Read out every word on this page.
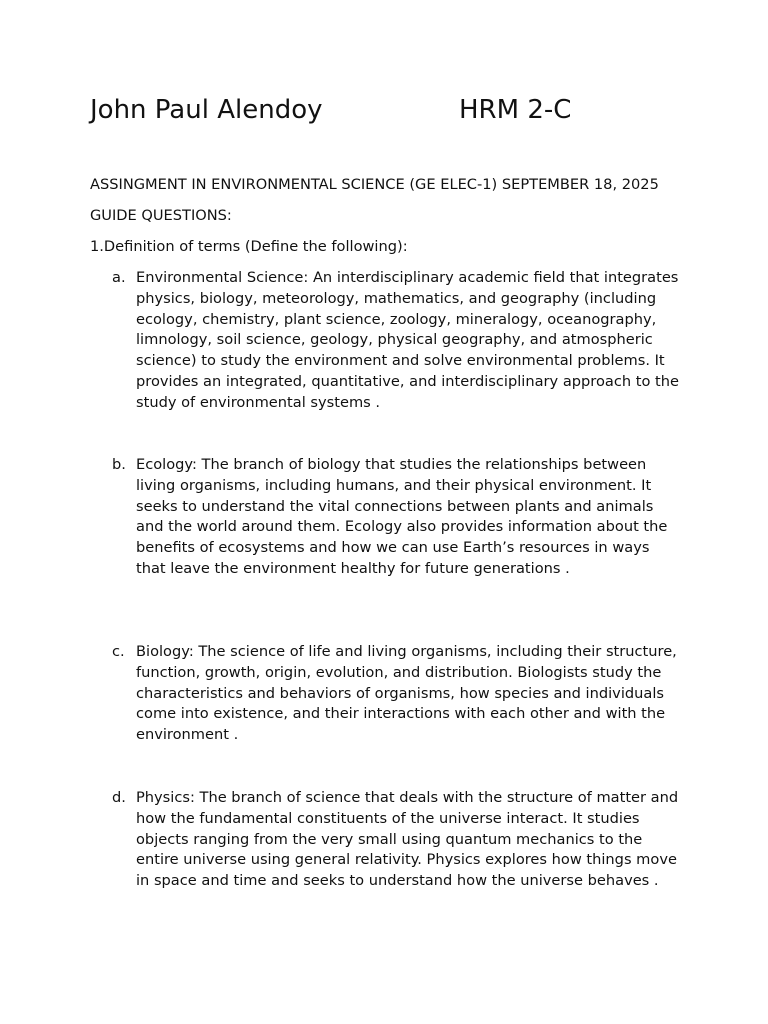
John Paul Alendoy	HRM 2-C
ASSINGMENT IN ENVIRONMENTAL SCIENCE (GE ELEC-1) SEPTEMBER 18, 2025
GUIDE QUESTIONS:
1.Definition of terms (Define the following):
a. Environmental Science: An interdisciplinary academic field that integrates physics, biology, meteorology, mathematics, and geography (including ecology, chemistry, plant science, zoology, mineralogy, oceanography, limnology, soil science, geology, physical geography, and atmospheric science) to study the environment and solve environmental problems. It provides an integrated, quantitative, and interdisciplinary approach to the study of environmental systems .
b. Ecology: The branch of biology that studies the relationships between living organisms, including humans, and their physical environment. It seeks to understand the vital connections between plants and animals and the world around them. Ecology also provides information about the benefits of ecosystems and how we can use Earth’s resources in ways that leave the environment healthy for future generations .
c. Biology: The science of life and living organisms, including their structure, function, growth, origin, evolution, and distribution. Biologists study the characteristics and behaviors of organisms, how species and individuals come into existence, and their interactions with each other and with the environment .
d. Physics: The branch of science that deals with the structure of matter and how the fundamental constituents of the universe interact. It studies objects ranging from the very small using quantum mechanics to the entire universe using general relativity. Physics explores how things move in space and time and seeks to understand how the universe behaves .
